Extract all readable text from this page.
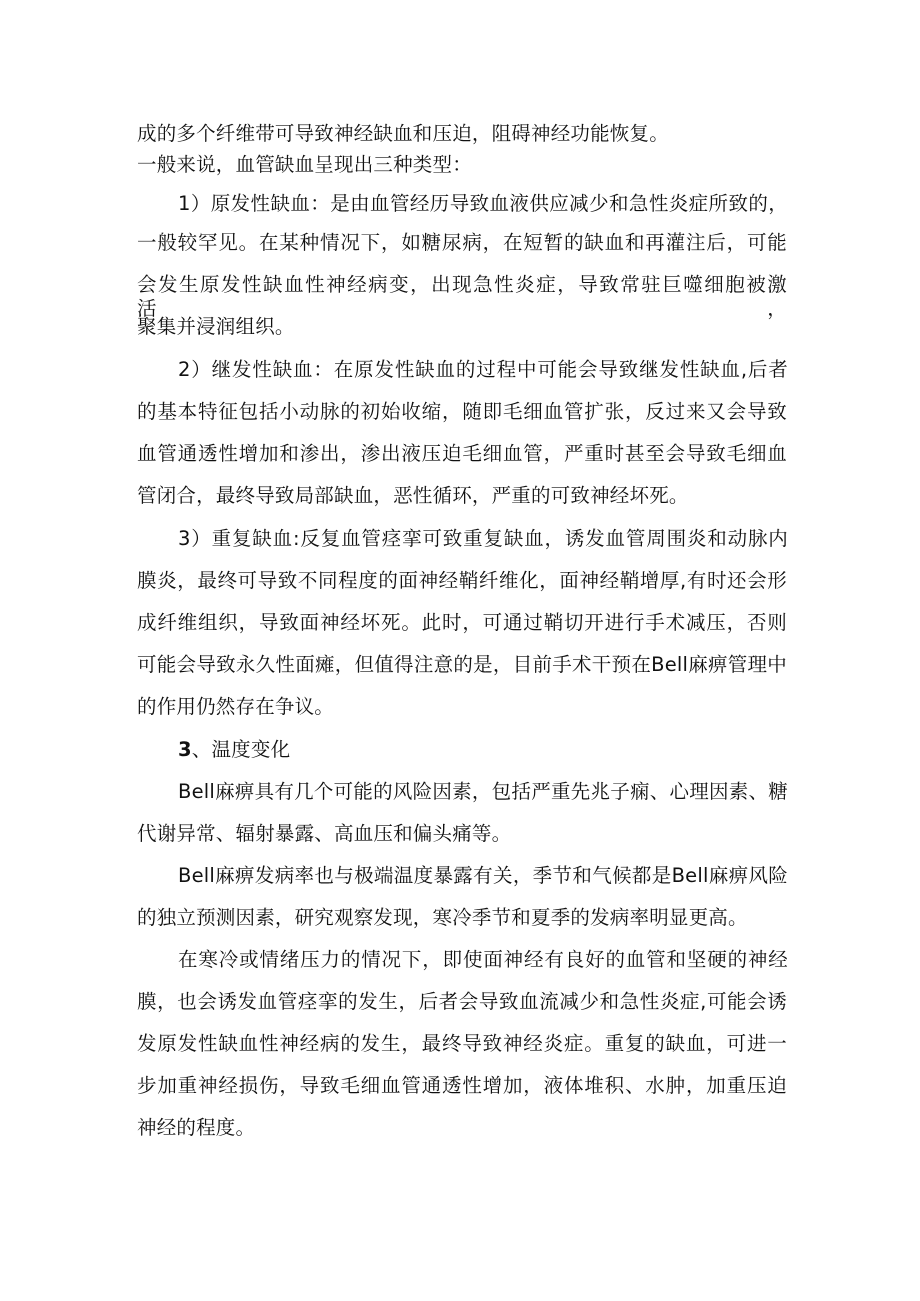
成的多个纤维带可导致神经缺血和压迫，阻碍神经功能恢复。
一般来说，血管缺血呈现出三种类型：
1）原发性缺血：是由血管经历导致血液供应减少和急性炎症所致的，
一般较罕见。在某种情况下，如糖尿病，在短暂的缺血和再灌注后，可能
会发生原发性缺血性神经病变，出现急性炎症，导致常驻巨噬细胞被激活，
聚集并浸润组织。
2）继发性缺血：在原发性缺血的过程中可能会导致继发性缺血,后者
的基本特征包括小动脉的初始收缩，随即毛细血管扩张，反过来又会导致
血管通透性增加和渗出，渗出液压迫毛细血管，严重时甚至会导致毛细血
管闭合，最终导致局部缺血，恶性循环，严重的可致神经坏死。
3）重复缺血:反复血管痉挛可致重复缺血，诱发血管周围炎和动脉内
膜炎，最终可导致不同程度的面神经鞘纤维化，面神经鞘增厚,有时还会形
成纤维组织，导致面神经坏死。此时，可通过鞘切开进行手术减压，否则
可能会导致永久性面瘫，但值得注意的是，目前手术干预在Bell麻痹管理中
的作用仍然存在争议。
3、温度变化
Bell麻痹具有几个可能的风险因素，包括严重先兆子痫、心理因素、糖
代谢异常、辐射暴露、高血压和偏头痛等。
Bell麻痹发病率也与极端温度暴露有关，季节和气候都是Bell麻痹风险
的独立预测因素，研究观察发现，寒冷季节和夏季的发病率明显更高。
在寒冷或情绪压力的情况下，即使面神经有良好的血管和坚硬的神经
膜，也会诱发血管痉挛的发生，后者会导致血流减少和急性炎症,可能会诱
发原发性缺血性神经病的发生，最终导致神经炎症。重复的缺血，可进一
步加重神经损伤，导致毛细血管通透性增加，液体堆积、水肿，加重压迫
神经的程度。
